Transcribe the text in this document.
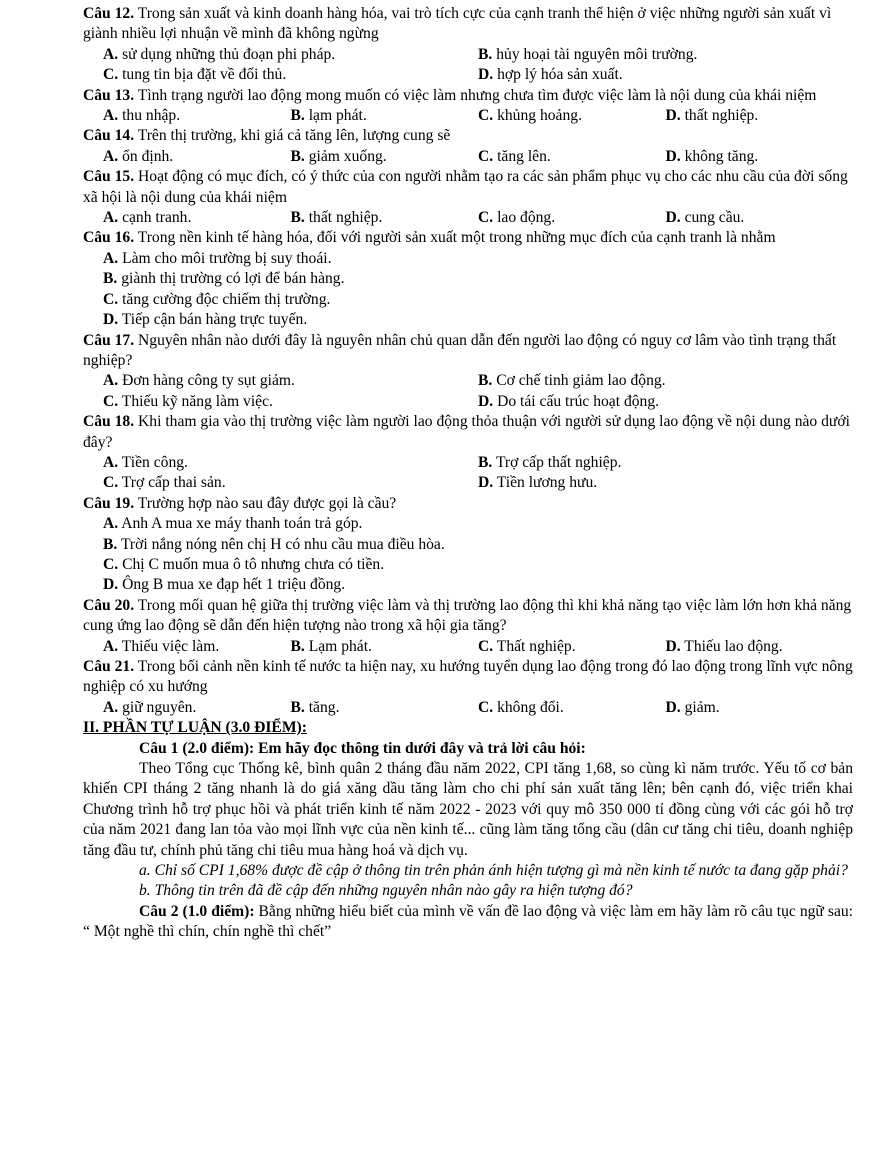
Câu 12. Trong sản xuất và kinh doanh hàng hóa, vai trò tích cực của cạnh tranh thể hiện ở việc những người sản xuất vì giành nhiều lợi nhuận về mình đã không ngừng

A. sử dụng những thủ đoạn phi pháp.	B. hủy hoại tài nguyên môi trường.
C. tung tin bịa đặt về đối thủ.	D. hợp lý hóa sản xuất.

Câu 13. Tình trạng người lao động mong muốn có việc làm nhưng chưa tìm được việc làm là nội dung của khái niệm

A. thu nhập.	B. lạm phát.	C. khủng hoảng.	D. thất nghiệp.

Câu 14. Trên thị trường, khi giá cả tăng lên, lượng cung sẽ

A. ổn định.	B. giảm xuống.	C. tăng lên.	D. không tăng.

Câu 15. Hoạt động có mục đích, có ý thức của con người nhằm tạo ra các sản phẩm phục vụ cho các nhu cầu của đời sống xã hội là nội dung của khái niệm

A. cạnh tranh.	B. thất nghiệp.	C. lao động.	D. cung cầu.

Câu 16. Trong nền kinh tế hàng hóa, đối với người sản xuất một trong những mục đích của cạnh tranh là nhằm

A. Làm cho môi trường bị suy thoái.
B. giành thị trường có lợi để bán hàng.
C. tăng cường độc chiếm thị trường.
D. Tiếp cận bán hàng trực tuyến.

Câu 17. Nguyên nhân nào dưới đây là nguyên nhân chủ quan dẫn đến người lao động có nguy cơ lâm vào tình trạng thất nghiệp?

A. Đơn hàng công ty sụt giảm.	B. Cơ chế tinh giảm lao động.
C. Thiếu kỹ năng làm việc.	D. Do tái cấu trúc hoạt động.

Câu 18. Khi tham gia vào thị trường việc làm người lao động thỏa thuận với người sử dụng lao động về nội dung nào dưới đây?

A. Tiền công.	B. Trợ cấp thất nghiệp.
C. Trợ cấp thai sản.	D. Tiền lương hưu.

Câu 19. Trường hợp nào sau đây được gọi là cầu?

A. Anh A mua xe máy thanh toán trả góp.
B. Trời nắng nóng nên chị H có nhu cầu mua điều hòa.
C. Chị C muốn mua ô tô nhưng chưa có tiền.
D. Ông B mua xe đạp hết 1 triệu đồng.

Câu 20. Trong mối quan hệ giữa thị trường việc làm và thị trường lao động thì khi khả năng tạo việc làm lớn hơn khả năng cung ứng lao động sẽ dẫn đến hiện tượng nào trong xã hội gia tăng?

A. Thiếu việc làm.	B. Lạm phát.	C. Thất nghiệp.	D. Thiếu lao động.

Câu 21. Trong bối cảnh nền kinh tế nước ta hiện nay, xu hướng tuyển dụng lao động trong đó lao động trong lĩnh vực nông nghiệp có xu hướng

A. giữ nguyên.	B. tăng.	C. không đổi.	D. giảm.

II. PHẦN TỰ LUẬN (3.0 ĐIỂM):

Câu 1 (2.0 điểm): Em hãy đọc thông tin dưới đây và trả lời câu hỏi:

Theo Tổng cục Thống kê, bình quân 2 tháng đầu năm 2022, CPI tăng 1,68, so cùng kì năm trước. Yếu tố cơ bản khiến CPI tháng 2 tăng nhanh là do giá xăng dầu tăng làm cho chi phí sản xuất tăng lên; bên cạnh đó, việc triển khai Chương trình hỗ trợ phục hồi và phát triển kinh tế năm 2022 - 2023 với quy mô 350 000 tỉ đồng cùng với các gói hỗ trợ của năm 2021 đang lan tỏa vào mọi lĩnh vực của nền kinh tế... cũng làm tăng tổng cầu (dân cư tăng chi tiêu, doanh nghiệp tăng đầu tư, chính phủ tăng chi tiêu mua hàng hoá và dịch vụ.

a. Chỉ số CPI 1,68% được đề cập ở thông tin trên phản ánh hiện tượng gì mà nền kinh tế nước ta đang gặp phải?

b. Thông tin trên đã đề cập đến những nguyên nhân nào gây ra hiện tượng đó?

Câu 2 (1.0 điểm): Bằng những hiểu biết của mình về vấn đề lao động và việc làm em hãy làm rõ câu tục ngữ sau: “ Một nghề thì chín, chín nghề thì chết”
